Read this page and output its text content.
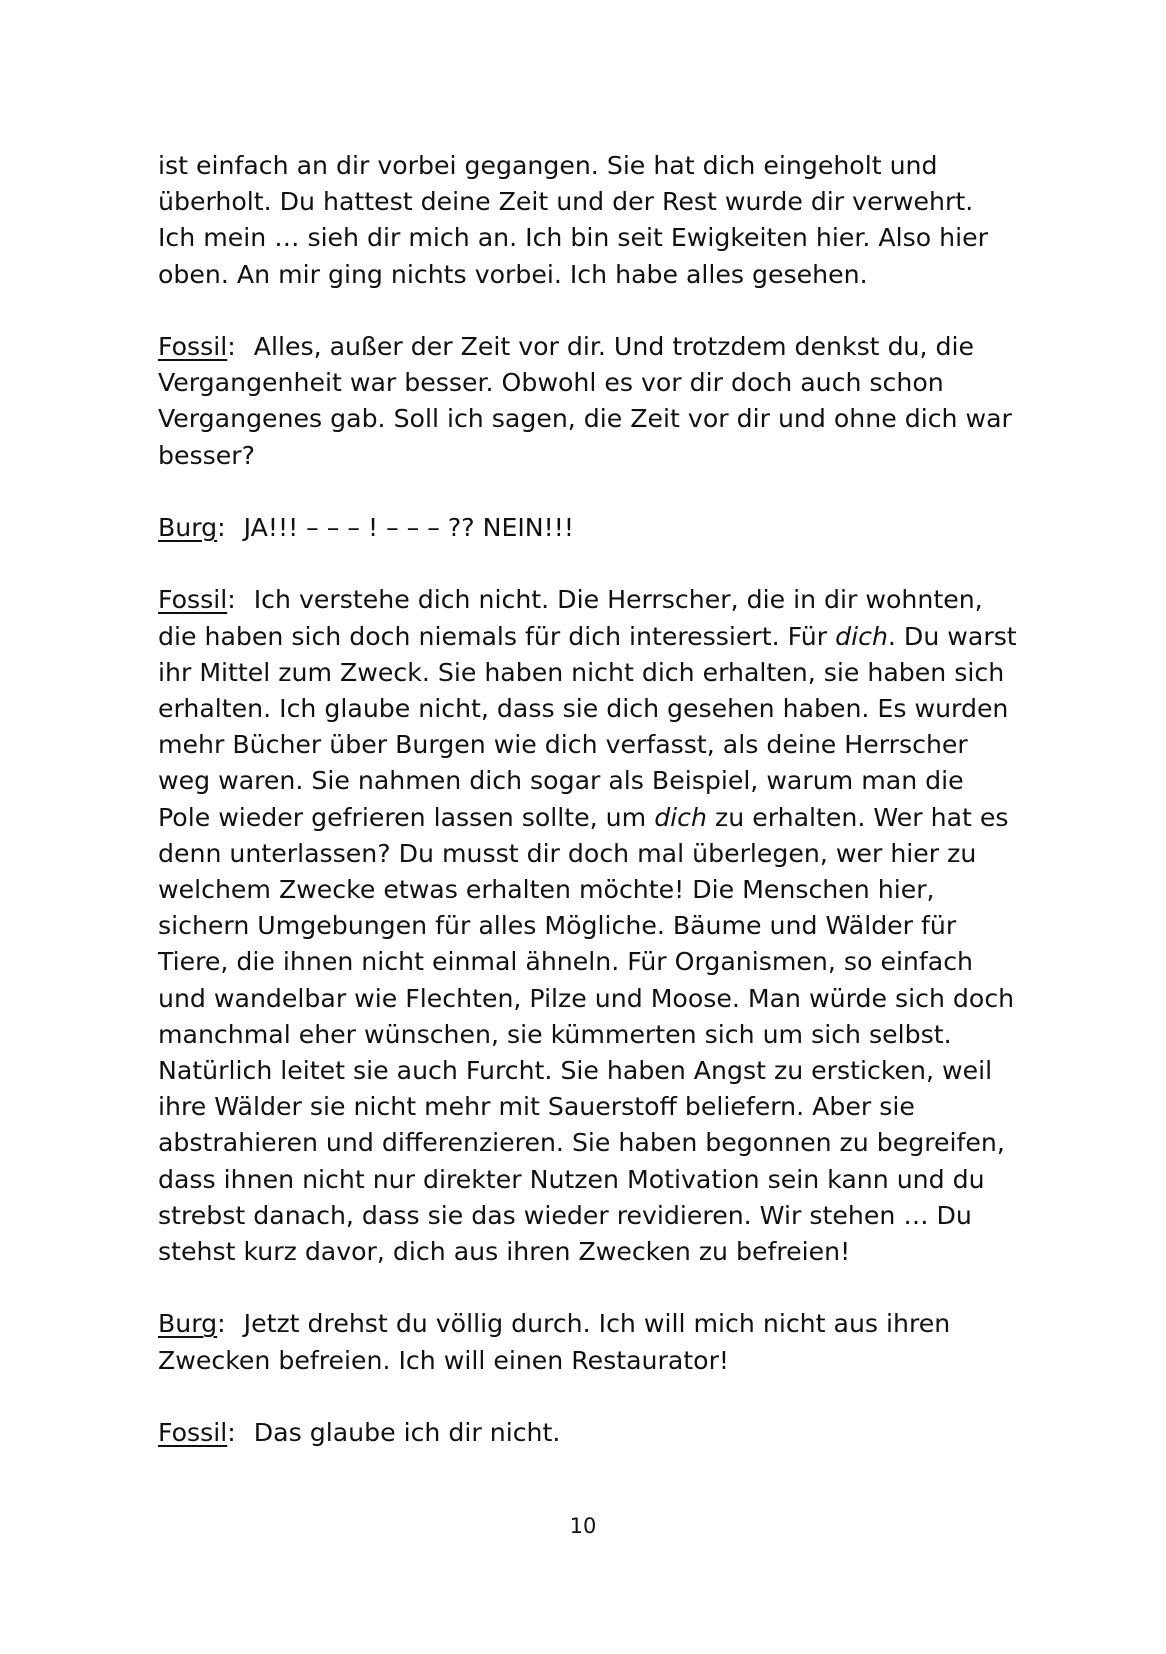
ist einfach an dir vorbei gegangen. Sie hat dich eingeholt und überholt. Du hattest deine Zeit und der Rest wurde dir verwehrt. Ich mein … sieh dir mich an. Ich bin seit Ewigkeiten hier. Also hier oben. An mir ging nichts vorbei. Ich habe alles gesehen.

Fossil: Alles, außer der Zeit vor dir. Und trotzdem denkst du, die Vergangenheit war besser. Obwohl es vor dir doch auch schon Vergangenes gab. Soll ich sagen, die Zeit vor dir und ohne dich war besser?

Burg: JA!!! – – – ! – – – ?? NEIN!!!

Fossil: Ich verstehe dich nicht. Die Herrscher, die in dir wohnten, die haben sich doch niemals für dich interessiert. Für dich. Du warst ihr Mittel zum Zweck. Sie haben nicht dich erhalten, sie haben sich erhalten. Ich glaube nicht, dass sie dich gesehen haben. Es wurden mehr Bücher über Burgen wie dich verfasst, als deine Herrscher weg waren. Sie nahmen dich sogar als Beispiel, warum man die Pole wieder gefrieren lassen sollte, um dich zu erhalten. Wer hat es denn unterlassen? Du musst dir doch mal überlegen, wer hier zu welchem Zwecke etwas erhalten möchte! Die Menschen hier, sichern Umgebungen für alles Mögliche. Bäume und Wälder für Tiere, die ihnen nicht einmal ähneln. Für Organismen, so einfach und wandelbar wie Flechten, Pilze und Moose. Man würde sich doch manchmal eher wünschen, sie kümmerten sich um sich selbst. Natürlich leitet sie auch Furcht. Sie haben Angst zu ersticken, weil ihre Wälder sie nicht mehr mit Sauerstoff beliefern. Aber sie abstrahieren und differenzieren. Sie haben begonnen zu begreifen, dass ihnen nicht nur direkter Nutzen Motivation sein kann und du strebst danach, dass sie das wieder revidieren. Wir stehen … Du stehst kurz davor, dich aus ihren Zwecken zu befreien!

Burg: Jetzt drehst du völlig durch. Ich will mich nicht aus ihren Zwecken befreien. Ich will einen Restaurator!

Fossil: Das glaube ich dir nicht.

10
